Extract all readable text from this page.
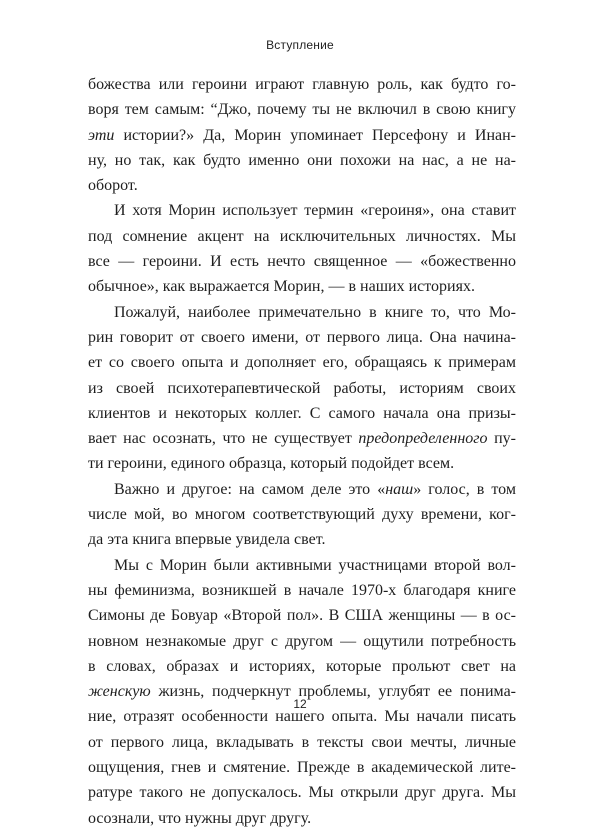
Вступление
божества или героини играют главную роль, как будто го-
воря тем самым: “Джо, почему ты не включил в свою книгу
эти истории?» Да, Морин упоминает Персефону и Инан-
ну, но так, как будто именно они похожи на нас, а не на-
оборот.
И хотя Морин использует термин «героиня», она ставит
под сомнение акцент на исключительных личностях. Мы
все — героини. И есть нечто священное — «божественно
обычное», как выражается Морин, — в наших историях.
Пожалуй, наиболее примечательно в книге то, что Мо-
рин говорит от своего имени, от первого лица. Она начина-
ет со своего опыта и дополняет его, обращаясь к примерам
из своей психотерапевтической работы, историям своих
клиентов и некоторых коллег. С самого начала она призы-
вает нас осознать, что не существует предопределенного пу-
ти героини, единого образца, который подойдет всем.
Важно и другое: на самом деле это «наш» голос, в том
числе мой, во многом соответствующий духу времени, ког-
да эта книга впервые увидела свет.
Мы с Морин были активными участницами второй вол-
ны феминизма, возникшей в начале 1970-х благодаря книге
Симоны де Бовуар «Второй пол». В США женщины — в ос-
новном незнакомые друг с другом — ощутили потребность
в словах, образах и историях, которые прольют свет на
женскую жизнь, подчеркнут проблемы, углубят ее понима-
ние, отразят особенности нашего опыта. Мы начали писать
от первого лица, вкладывать в тексты свои мечты, личные
ощущения, гнев и смятение. Прежде в академической лите-
ратуре такого не допускалось. Мы открыли друг друга. Мы
осознали, что нужны друг другу.
12
